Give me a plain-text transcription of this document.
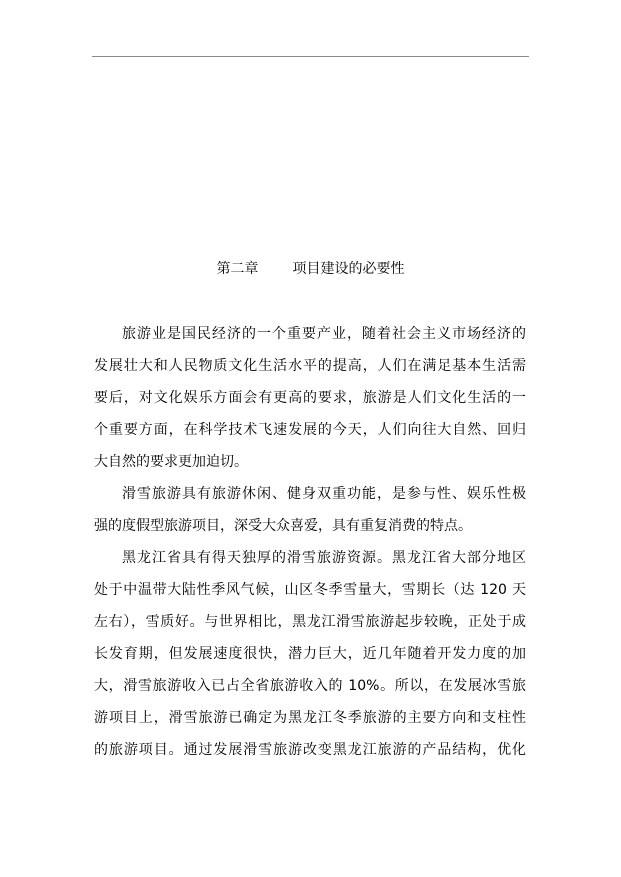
第二章 项目建设的必要性
旅游业是国民经济的一个重要产业，随着社会主义市场经济的
发展壮大和人民物质文化生活水平的提高，人们在满足基本生活需
要后，对文化娱乐方面会有更高的要求，旅游是人们文化生活的一
个重要方面，在科学技术飞速发展的今天，人们向往大自然、回归
大自然的要求更加迫切。
滑雪旅游具有旅游休闲、健身双重功能，是参与性、娱乐性极
强的度假型旅游项目，深受大众喜爱，具有重复消费的特点。
黑龙江省具有得天独厚的滑雪旅游资源。黑龙江省大部分地区
处于中温带大陆性季风气候，山区冬季雪量大，雪期长（达 120 天
左右），雪质好。与世界相比，黑龙江滑雪旅游起步较晚，正处于成
长发育期，但发展速度很快，潜力巨大，近几年随着开发力度的加
大，滑雪旅游收入已占全省旅游收入的 10%。所以，在发展冰雪旅
游项目上，滑雪旅游已确定为黑龙江冬季旅游的主要方向和支柱性
的旅游项目。通过发展滑雪旅游改变黑龙江旅游的产品结构，优化
